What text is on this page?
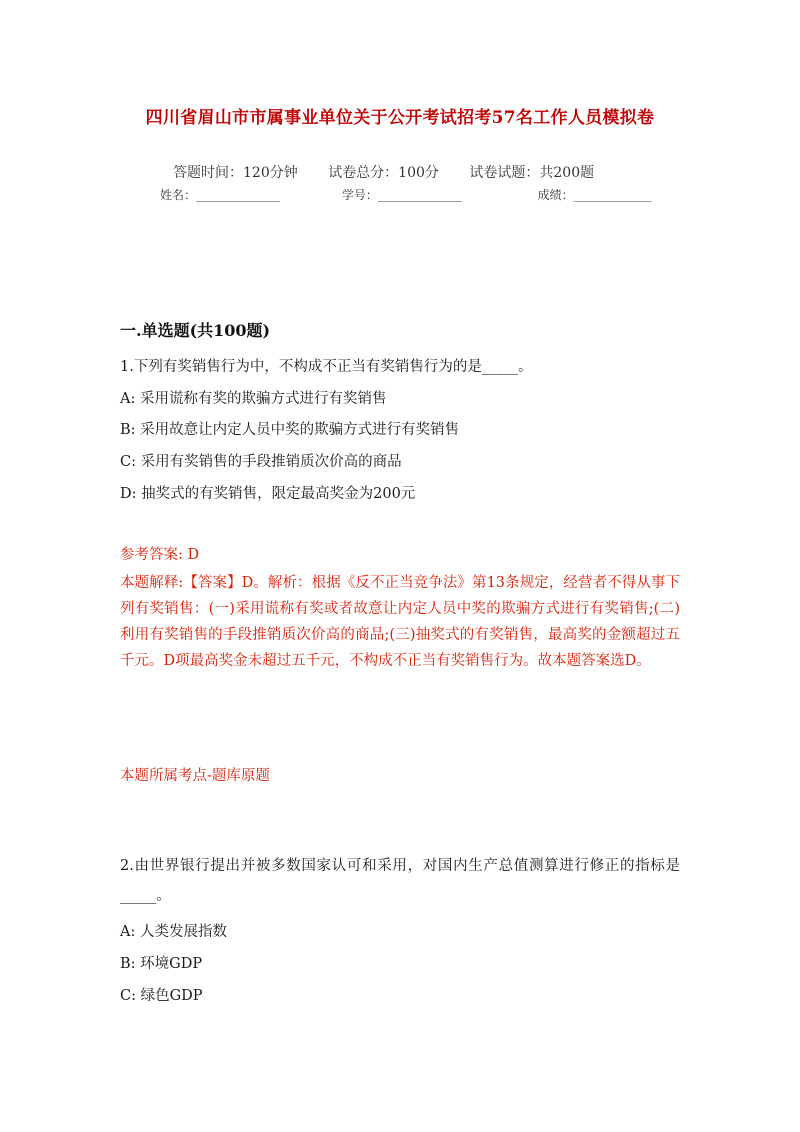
四川省眉山市市属事业单位关于公开考试招考57名工作人员模拟卷
答题时间：120分钟 试卷总分：100分 试卷试题：共200题
姓名：______________	学号：______________	成绩：_____________
一.单选题(共100题)
1.下列有奖销售行为中，不构成不正当有奖销售行为的是_____。
A: 采用谎称有奖的欺骗方式进行有奖销售
B: 采用故意让内定人员中奖的欺骗方式进行有奖销售
C: 采用有奖销售的手段推销质次价高的商品
D: 抽奖式的有奖销售，限定最高奖金为200元
参考答案: D
本题解释:【答案】D。解析：根据《反不正当竞争法》第13条规定，经营者不得从事下列有奖销售：(一)采用谎称有奖或者故意让内定人员中奖的欺骗方式进行有奖销售;(二)利用有奖销售的手段推销质次价高的商品;(三)抽奖式的有奖销售，最高奖的金额超过五千元。D项最高奖金未超过五千元，不构成不正当有奖销售行为。故本题答案选D。
本题所属考点-题库原题
2.由世界银行提出并被多数国家认可和采用，对国内生产总值测算进行修正的指标是_____。
A: 人类发展指数
B: 环境GDP
C: 绿色GDP
